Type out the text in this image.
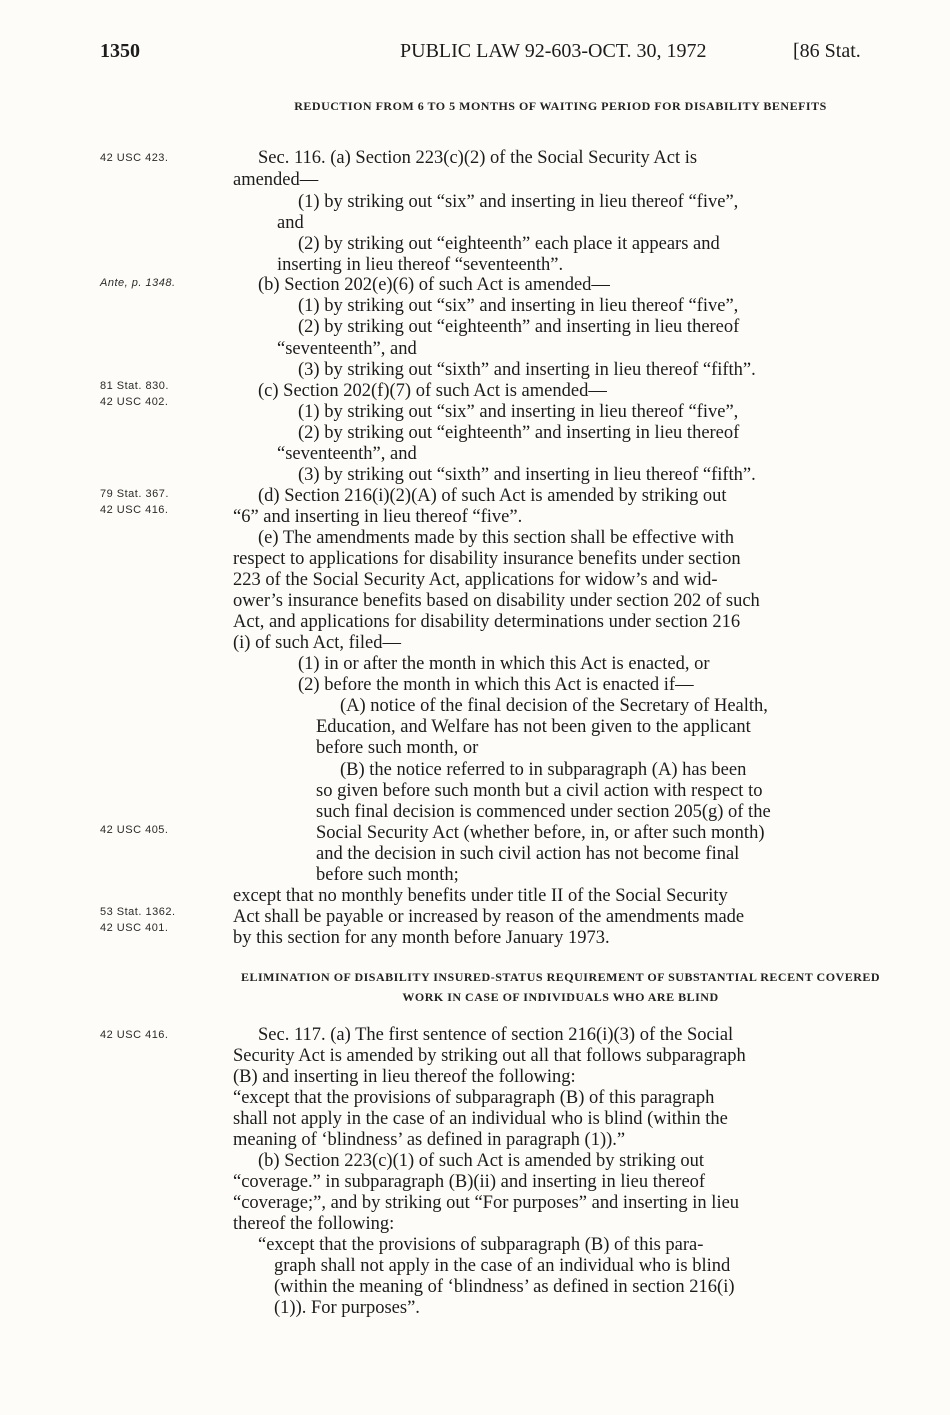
1350	PUBLIC LAW 92-603-OCT. 30, 1972	[86 Stat.
42 USC 423.
Ante, p. 1348.
81 Stat. 830.
42 USC 402.
79 Stat. 367.
42 USC 416.
42 USC 405.
53 Stat. 1362.
42 USC 401.
42 USC 416.
REDUCTION FROM 6 TO 5 MONTHS OF WAITING PERIOD FOR DISABILITY BENEFITS
ELIMINATION OF DISABILITY INSURED-STATUS REQUIREMENT OF SUBSTANTIAL RECENT COVERED WORK IN CASE OF INDIVIDUALS WHO ARE BLIND
Sec. 116. (a) Section 223(c)(2) of the Social Security Act is
amended—
(1) by striking out “six” and inserting in lieu thereof “five”,
and
(2) by striking out “eighteenth” each place it appears and
inserting in lieu thereof “seventeenth”.
(b) Section 202(e)(6) of such Act is amended—
(1) by striking out “six” and inserting in lieu thereof “five”,
(2) by striking out “eighteenth” and inserting in lieu thereof
“seventeenth”, and
(3) by striking out “sixth” and inserting in lieu thereof “fifth”.
(c) Section 202(f)(7) of such Act is amended—
(1) by striking out “six” and inserting in lieu thereof “five”,
(2) by striking out “eighteenth” and inserting in lieu thereof
“seventeenth”, and
(3) by striking out “sixth” and inserting in lieu thereof “fifth”.
(d) Section 216(i)(2)(A) of such Act is amended by striking out
“6” and inserting in lieu thereof “five”.
(e) The amendments made by this section shall be effective with
respect to applications for disability insurance benefits under section
223 of the Social Security Act, applications for widow’s and wid-
ower’s insurance benefits based on disability under section 202 of such
Act, and applications for disability determinations under section 216
(i) of such Act, filed—
(1) in or after the month in which this Act is enacted, or
(2) before the month in which this Act is enacted if—
(A) notice of the final decision of the Secretary of Health,
Education, and Welfare has not been given to the applicant
before such month, or
(B) the notice referred to in subparagraph (A) has been
so given before such month but a civil action with respect to
such final decision is commenced under section 205(g) of the
Social Security Act (whether before, in, or after such month)
and the decision in such civil action has not become final
before such month;
except that no monthly benefits under title II of the Social Security
Act shall be payable or increased by reason of the amendments made
by this section for any month before January 1973.
Sec. 117. (a) The first sentence of section 216(i)(3) of the Social
Security Act is amended by striking out all that follows subparagraph
(B) and inserting in lieu thereof the following:
“except that the provisions of subparagraph (B) of this paragraph
shall not apply in the case of an individual who is blind (within the
meaning of ‘blindness’ as defined in paragraph (1)).”
(b) Section 223(c)(1) of such Act is amended by striking out
“coverage.” in subparagraph (B)(ii) and inserting in lieu thereof
“coverage;”, and by striking out “For purposes” and inserting in lieu
thereof the following:
“except that the provisions of subparagraph (B) of this para-
graph shall not apply in the case of an individual who is blind
(within the meaning of ‘blindness’ as defined in section 216(i)
(1)). For purposes”.
